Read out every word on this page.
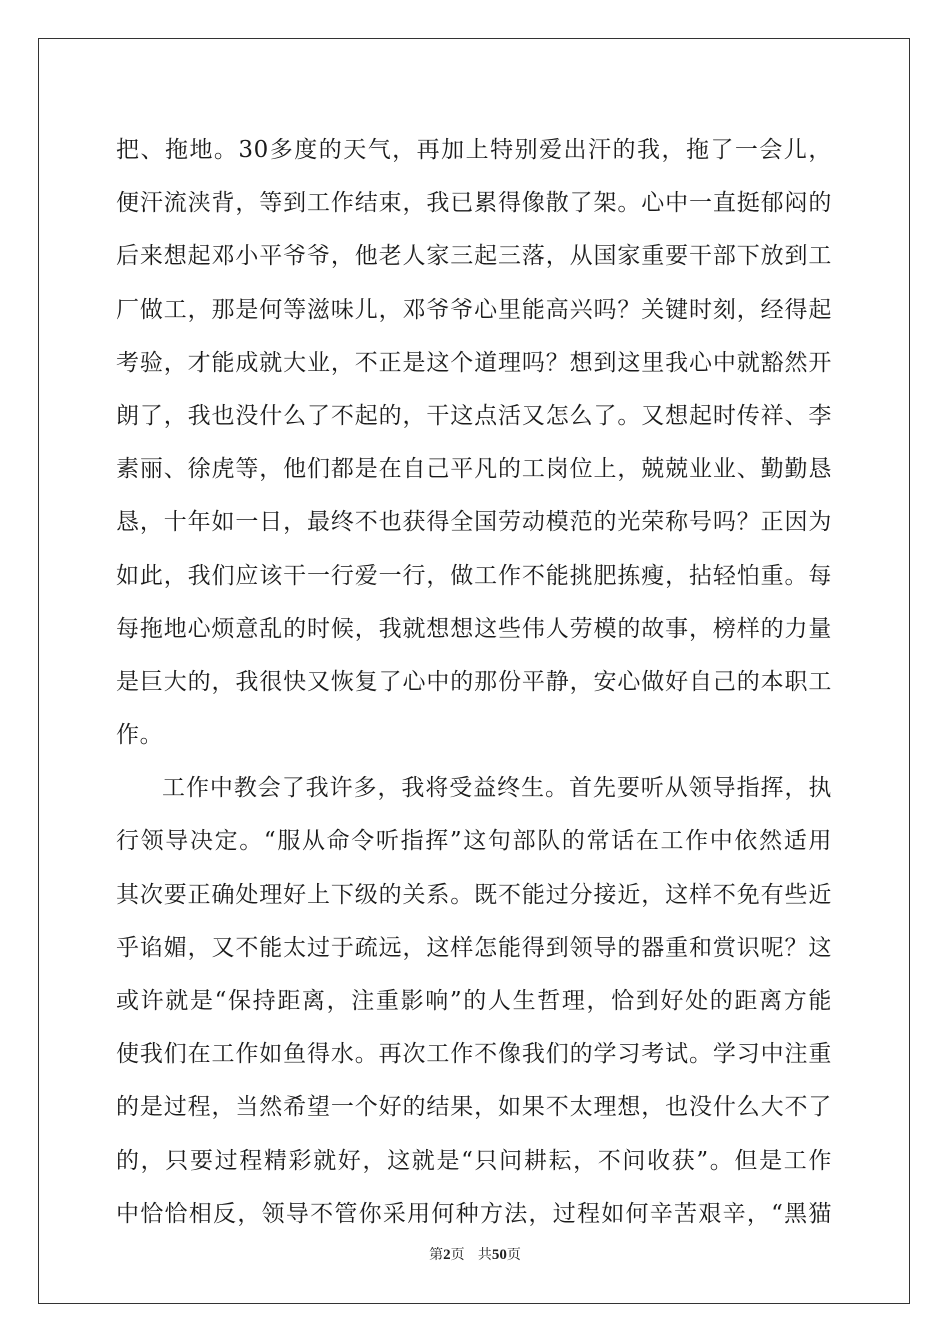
把、拖地。30多度的天气，再加上特别爱出汗的我，拖了一会儿，
便汗流浃背，等到工作结束，我已累得像散了架。心中一直挺郁闷的
后来想起邓小平爷爷，他老人家三起三落，从国家重要干部下放到工
厂做工，那是何等滋味儿，邓爷爷心里能高兴吗？关键时刻，经得起
考验，才能成就大业，不正是这个道理吗？想到这里我心中就豁然开
朗了，我也没什么了不起的，干这点活又怎么了。又想起时传祥、李
素丽、徐虎等，他们都是在自己平凡的工岗位上，兢兢业业、勤勤恳
恳，十年如一日，最终不也获得全国劳动模范的光荣称号吗？正因为
如此，我们应该干一行爱一行，做工作不能挑肥拣瘦，拈轻怕重。每
每拖地心烦意乱的时候，我就想想这些伟人劳模的故事，榜样的力量
是巨大的，我很快又恢复了心中的那份平静，安心做好自己的本职工
作。
工作中教会了我许多，我将受益终生。首先要听从领导指挥，执
行领导决定。“服从命令听指挥”这句部队的常话在工作中依然适用
其次要正确处理好上下级的关系。既不能过分接近，这样不免有些近
乎谄媚，又不能太过于疏远，这样怎能得到领导的器重和赏识呢？这
或许就是“保持距离，注重影响”的人生哲理，恰到好处的距离方能
使我们在工作如鱼得水。再次工作不像我们的学习考试。学习中注重
的是过程，当然希望一个好的结果，如果不太理想，也没什么大不了
的，只要过程精彩就好，这就是“只问耕耘，不问收获”。但是工作
中恰恰相反，领导不管你采用何种方法，过程如何辛苦艰辛，“黑猫
第2页 共50页
